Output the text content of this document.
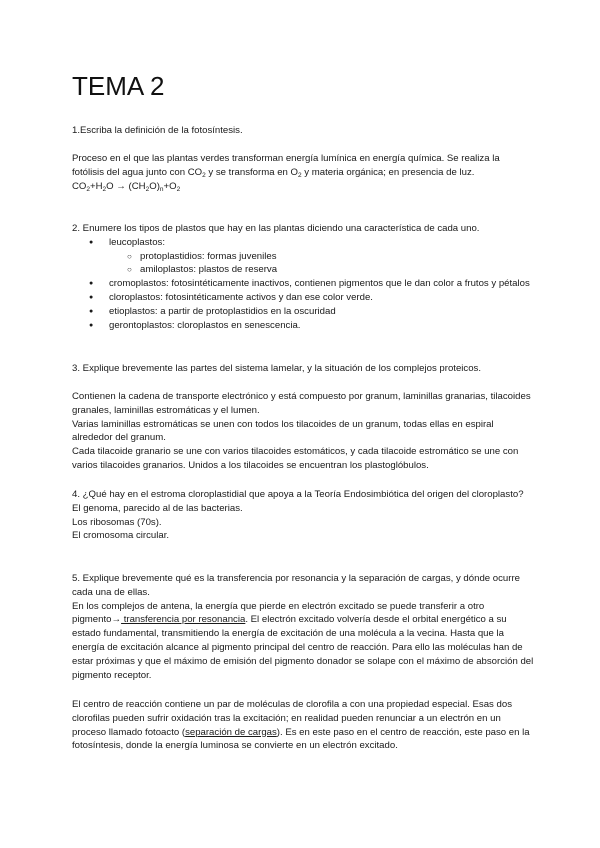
TEMA 2

1.Escriba la definición de la fotosíntesis.

Proceso en el que las plantas verdes transforman energía lumínica en energía química. Se realiza la fotólisis del agua junto con $CO_2$ y se transforma en $O_2$ y materia orgánica; en presencia de luz.

$CO_2+H_2O \to (CH_2O)_n+O_2$

2. Enumere los tipos de plastos que hay en las plantas diciendo una característica de cada uno.

● leucoplastos:
○ protoplastidios: formas juveniles
○ amiloplastos: plastos de reserva
● cromoplastos: fotosintéticamente inactivos, contienen pigmentos que le dan color a frutos y pétalos
● cloroplastos: fotosintéticamente activos y dan ese color verde.
● etioplastos: a partir de protoplastidios en la oscuridad
● gerontoplastos: cloroplastos en senescencia.

3. Explique brevemente las partes del sistema lamelar, y la situación de los complejos proteicos.

Contienen la cadena de transporte electrónico y está compuesto por granum, laminillas granarias, tilacoides granales, laminillas estromáticas y el lumen.

Varias laminillas estromáticas se unen con todos los tilacoides de un granum, todas ellas en espiral alrededor del granum.

Cada tilacoide granario se une con varios tilacoides estomáticos, y cada tilacoide estromático se une con varios tilacoides granarios. Unidos a los tilacoides se encuentran los plastoglóbulos.

4. ¿Qué hay en el estroma cloroplastidial que apoya a la Teoría Endosimbiótica del origen del cloroplasto?

El genoma, parecido al de las bacterias.

Los ribosomas (70s).

El cromosoma circular.

5. Explique brevemente qué es la transferencia por resonancia y la separación de cargas, y dónde ocurre cada una de ellas.

En los complejos de antena, la energía que pierde en electrón excitado se puede transferir a otro pigmento→ transferencia por resonancia. El electrón excitado volvería desde el orbital energético a su estado fundamental, transmitiendo la energía de excitación de una molécula a la vecina. Hasta que la energía de excitación alcance al pigmento principal del centro de reacción. Para ello las moléculas han de estar próximas y que el máximo de emisión del pigmento donador se solape con el máximo de absorción del pigmento receptor.

El centro de reacción contiene un par de moléculas de clorofila a con una propiedad especial. Esas dos clorofilas pueden sufrir oxidación tras la excitación; en realidad pueden renunciar a un electrón en un proceso llamado fotoacto (separación de cargas). Es en este paso en el centro de reacción, este paso en la fotosíntesis, donde la energía luminosa se convierte en un electrón excitado.
